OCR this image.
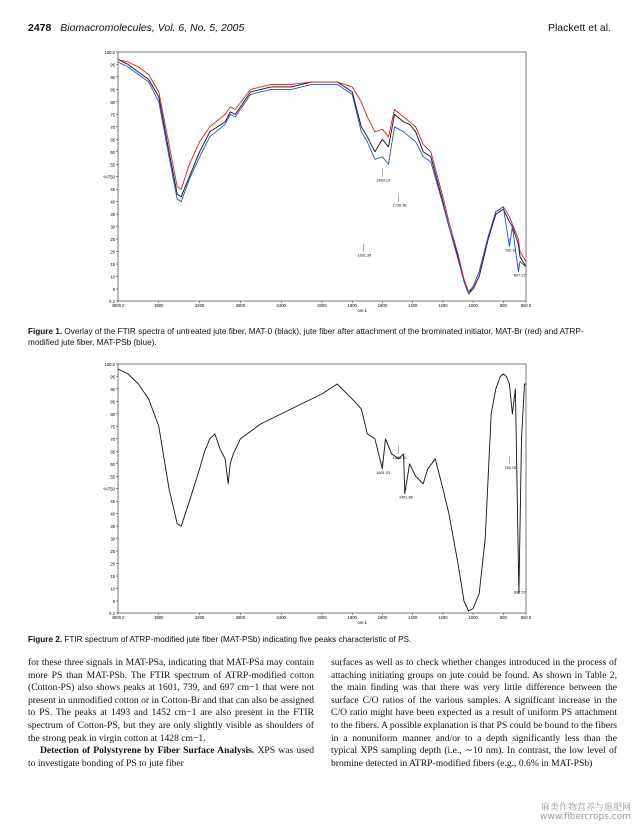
2478 Biomacromolecules, Vol. 6, No. 5, 2005	Plackett et al.
100.0
95
90
85
80
75
70
65
60
55
50
45
40
35
30
25
20
15
10
5
0.2
%T
4000.0	3600	3200	2800	2400	2000	1800	1600	1400	1200	1000	800	650.0
cm-1
1601.39
1493.13
1726.38
760.11
697.27
Figure 1. Overlay of the FTIR spectra of untreated jute fiber, MAT-0 (black), jute fiber after attachment of the brominated initiator, MAT-Br (red) and ATRP-modified jute fiber, MAT-PSb (blue).
100.0
95
90
85
80
75
70
65
60
55
50
45
40
35
30
25
20
15
10
5
0.2
%T
4000.0	3600	3200	2800	2400	2000	1800	1600	1400	1200	1000	800	650.0
cm-1
1601.51
1493.10
1451.86
760.15
697.57
Figure 2. FTIR spectrum of ATRP-modified jute fiber (MAT-PSb) indicating five peaks characteristic of PS.

for these three signals in MAT-PSa, indicating that MAT-PSa may contain more PS than MAT-PSb. The FTIR spectrum of ATRP-modified cotton (Cotton-PS) also shows peaks at 1601, 739, and 697 cm−1 that were not present in unmodified cotton or in Cotton-Br and that can also be assigned to PS. The peaks at 1493 and 1452 cm−1 are also present in the FTIR spectrum of Cotton-PS, but they are only slightly visible as shoulders of the strong peak in virgin cotton at 1428 cm−1.

Detection of Polystyrene by Fiber Surface Analysis. XPS was used to investigate bonding of PS to jute fiber

surfaces as well as to check whether changes introduced in the process of attaching initiating groups on jute could be found. As shown in Table 2, the main finding was that there was very little difference between the surface C/O ratios of the various samples. A significant increase in the C/O ratio might have been expected as a result of uniform PS attachment to the fibers. A possible explanation is that PS could be bound to the fibers in a nonuniform manner and/or to a depth significantly less than the typical XPS sampling depth (i.e., ∼10 nm). In contrast, the low level of bromine detected in ATRP-modified fibers (e.g., 0.6% in MAT-PSb)

麻类作物营养与施肥网
www.fibercrops.com
